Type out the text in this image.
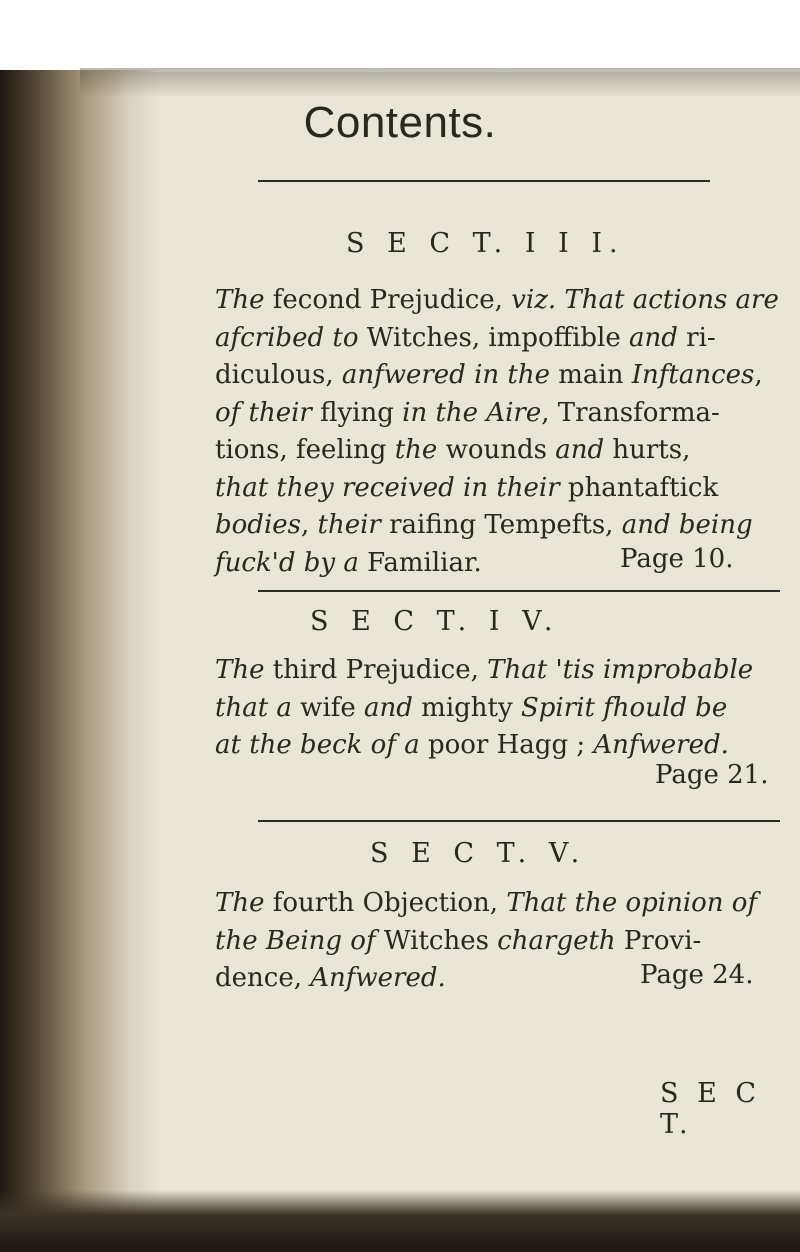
Contents.
S E C T. I I I.
The fecond Prejudice, viz. That actions are
afcribed to Witches, impoffible and ri-
diculous, anfwered in the main Inftances,
of their flying in the Aire, Transforma-
tions, feeling the wounds and hurts,
that they received in their phantaftick
bodies, their raifing Tempefts, and being
fuck'd by a Familiar.	Page 10.
S E C T. I V.
The third Prejudice, That 'tis improbable
that a wife and mighty Spirit fhould be
at the beck of a poor Hagg ; Anfwered.
Page 21.
S E C T. V.
The fourth Objection, That the opinion of
the Being of Witches chargeth Provi-
dence, Anfwered.	Page 24.
S E C T.
